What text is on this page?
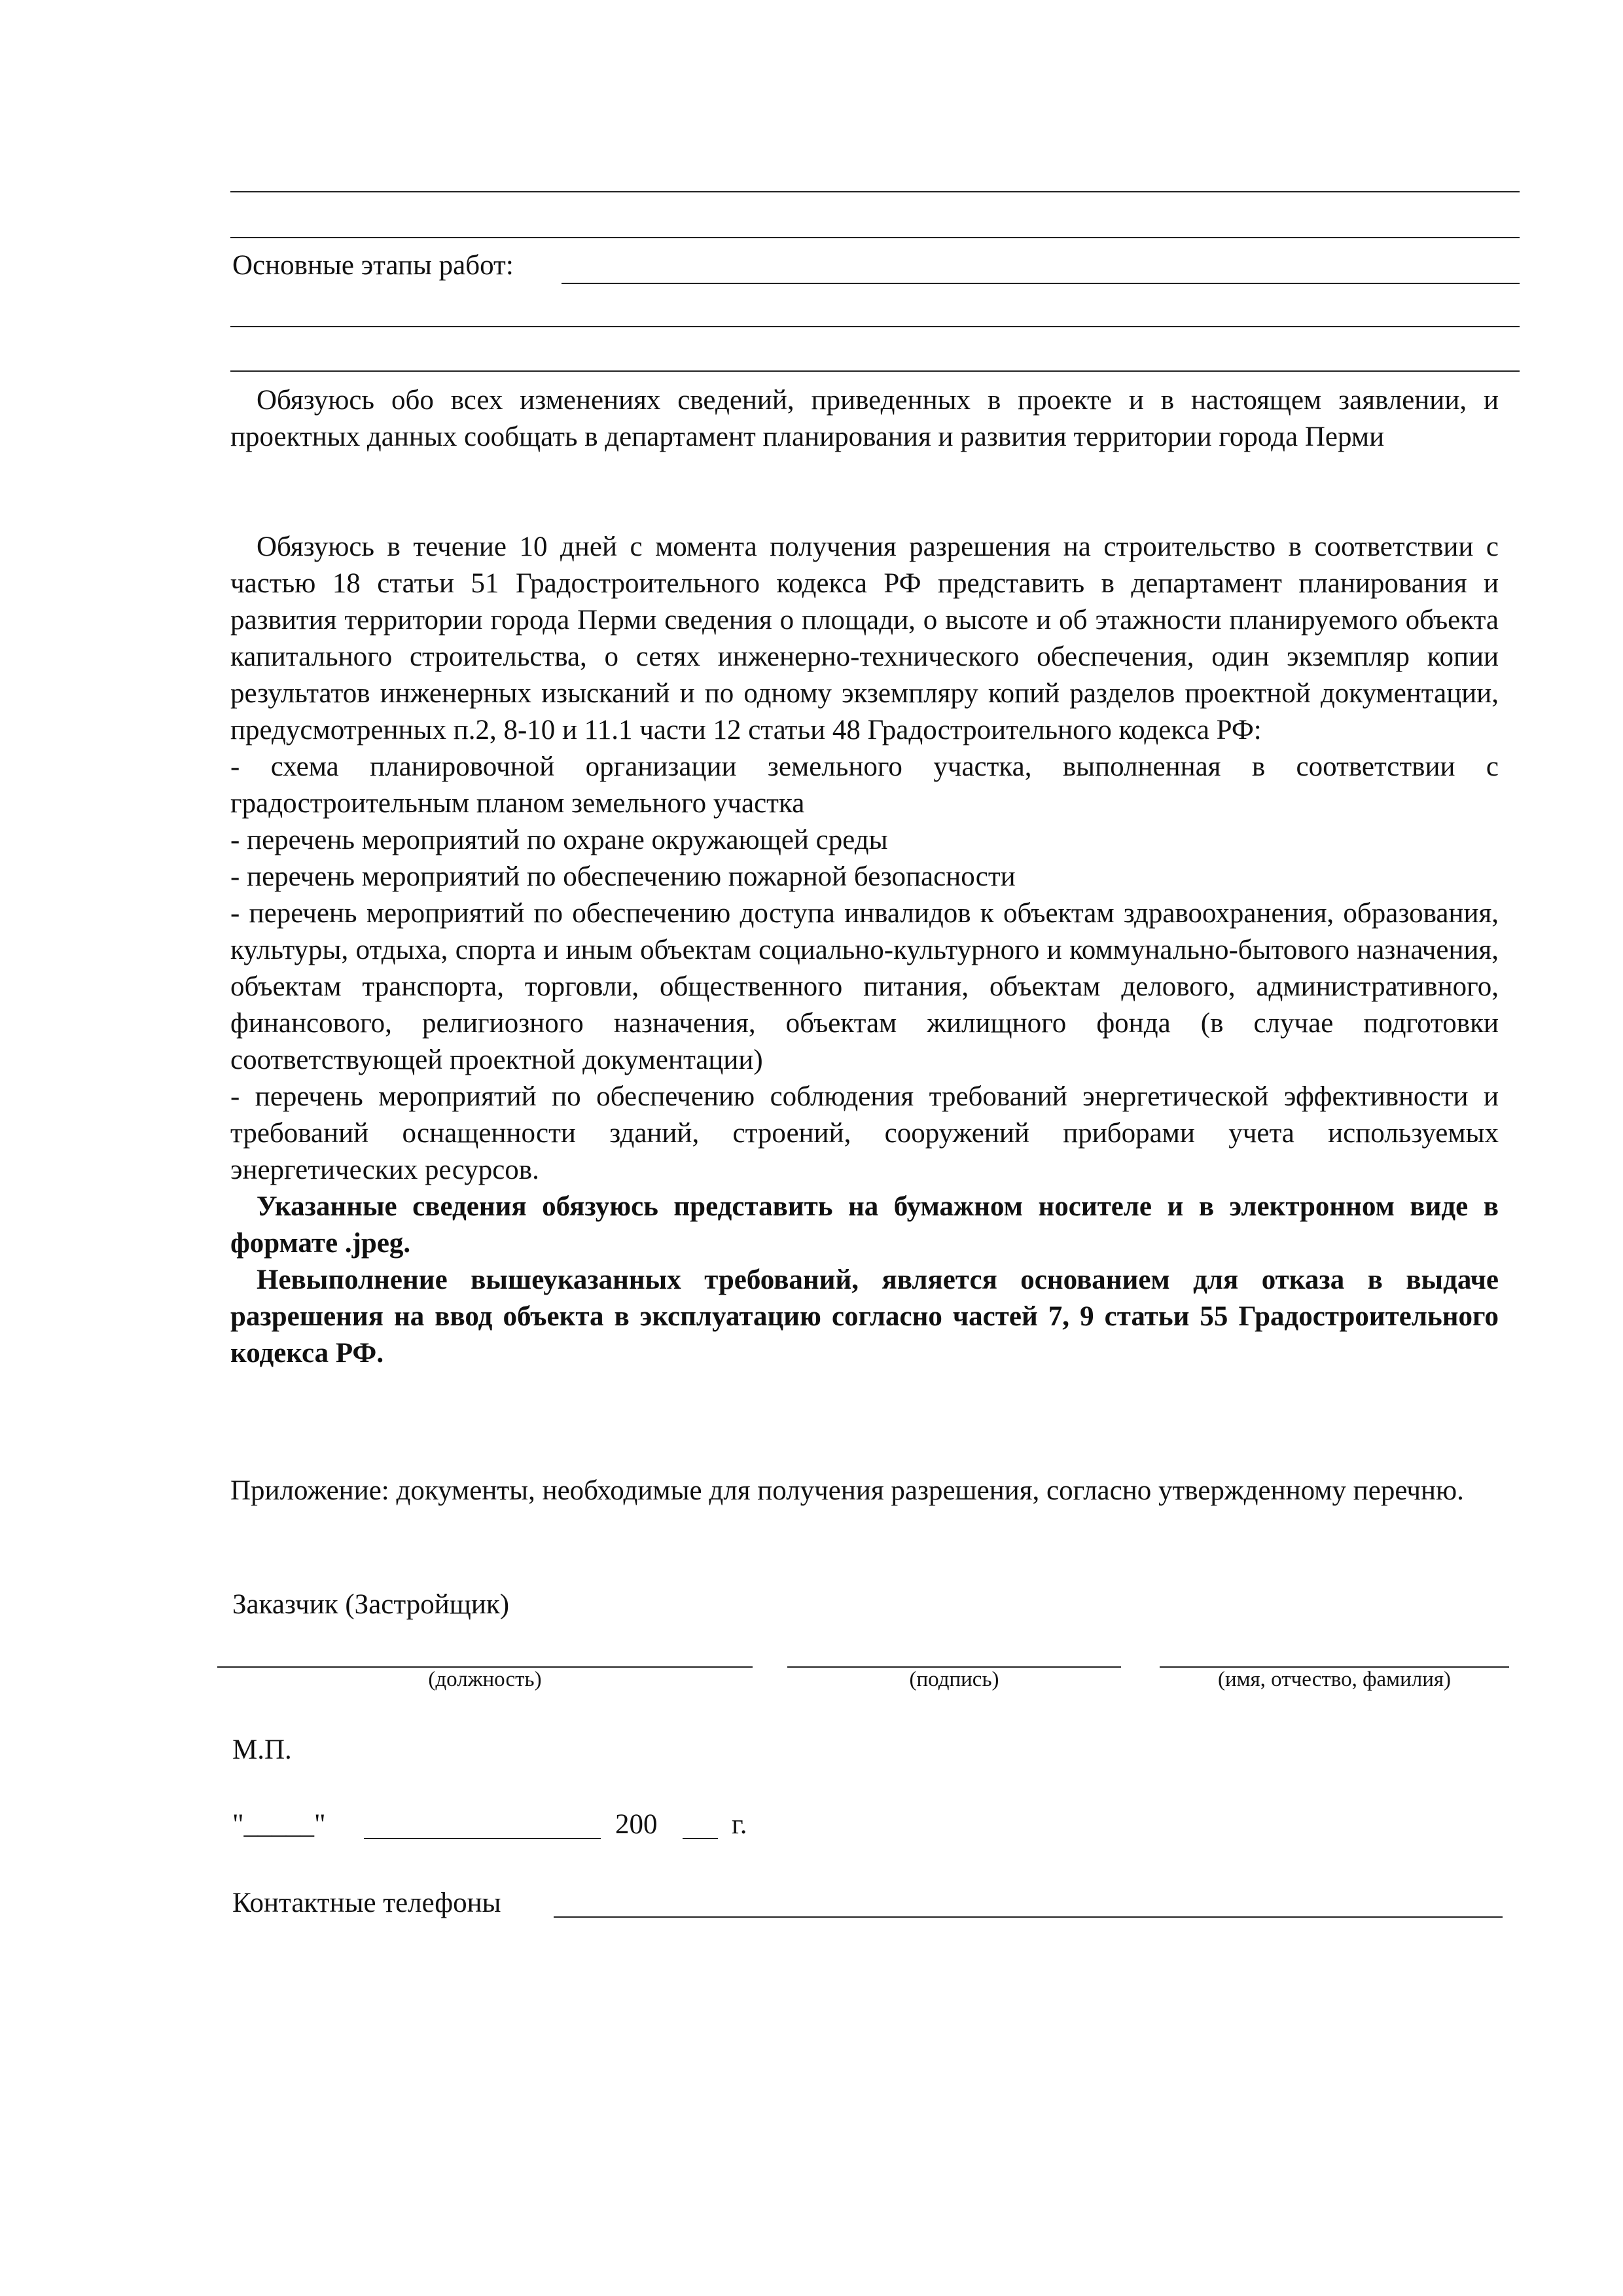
Основные этапы работ:

Обязуюсь обо всех изменениях сведений, приведенных в проекте и в настоящем заявлении, и проектных данных сообщать в департамент планирования и развития территории города Перми

Обязуюсь в течение 10 дней с момента получения разрешения на строительство в соответствии с частью 18 статьи 51 Градостроительного кодекса РФ представить в департамент планирования и развития территории города Перми сведения о площади, о высоте и об этажности планируемого объекта капитального строительства, о сетях инженерно-технического обеспечения, один экземпляр копии результатов инженерных изысканий и по одному экземпляру копий разделов проектной документации, предусмотренных п.2, 8-10 и 11.1 части 12 статьи 48 Градостроительного кодекса РФ:

- схема планировочной организации земельного участка, выполненная в соответствии с градостроительным планом земельного участка

- перечень мероприятий по охране окружающей среды

- перечень мероприятий по обеспечению пожарной безопасности

- перечень мероприятий по обеспечению доступа инвалидов к объектам здравоохранения, образования, культуры, отдыха, спорта и иным объектам социально-культурного и коммунально-бытового назначения, объектам транспорта, торговли, общественного питания, объектам делового, административного, финансового, религиозного назначения, объектам жилищного фонда (в случае подготовки соответствующей проектной документации)

- перечень мероприятий по обеспечению соблюдения требований энергетической эффективности и требований оснащенности зданий, строений, сооружений приборами учета используемых энергетических ресурсов.

Указанные сведения обязуюсь представить на бумажном носителе и в электронном виде в формате .jpeg.

Невыполнение вышеуказанных требований, является основанием для отказа в выдаче разрешения на ввод объекта в эксплуатацию согласно частей 7, 9 статьи 55 Градостроительного кодекса РФ.

Приложение: документы, необходимые для получения разрешения, согласно утвержденному перечню.

Заказчик (Застройщик)
(должность)	(подпись)	(имя, отчество, фамилия)
М.П.
"_____"	200	г.
Контактные телефоны
